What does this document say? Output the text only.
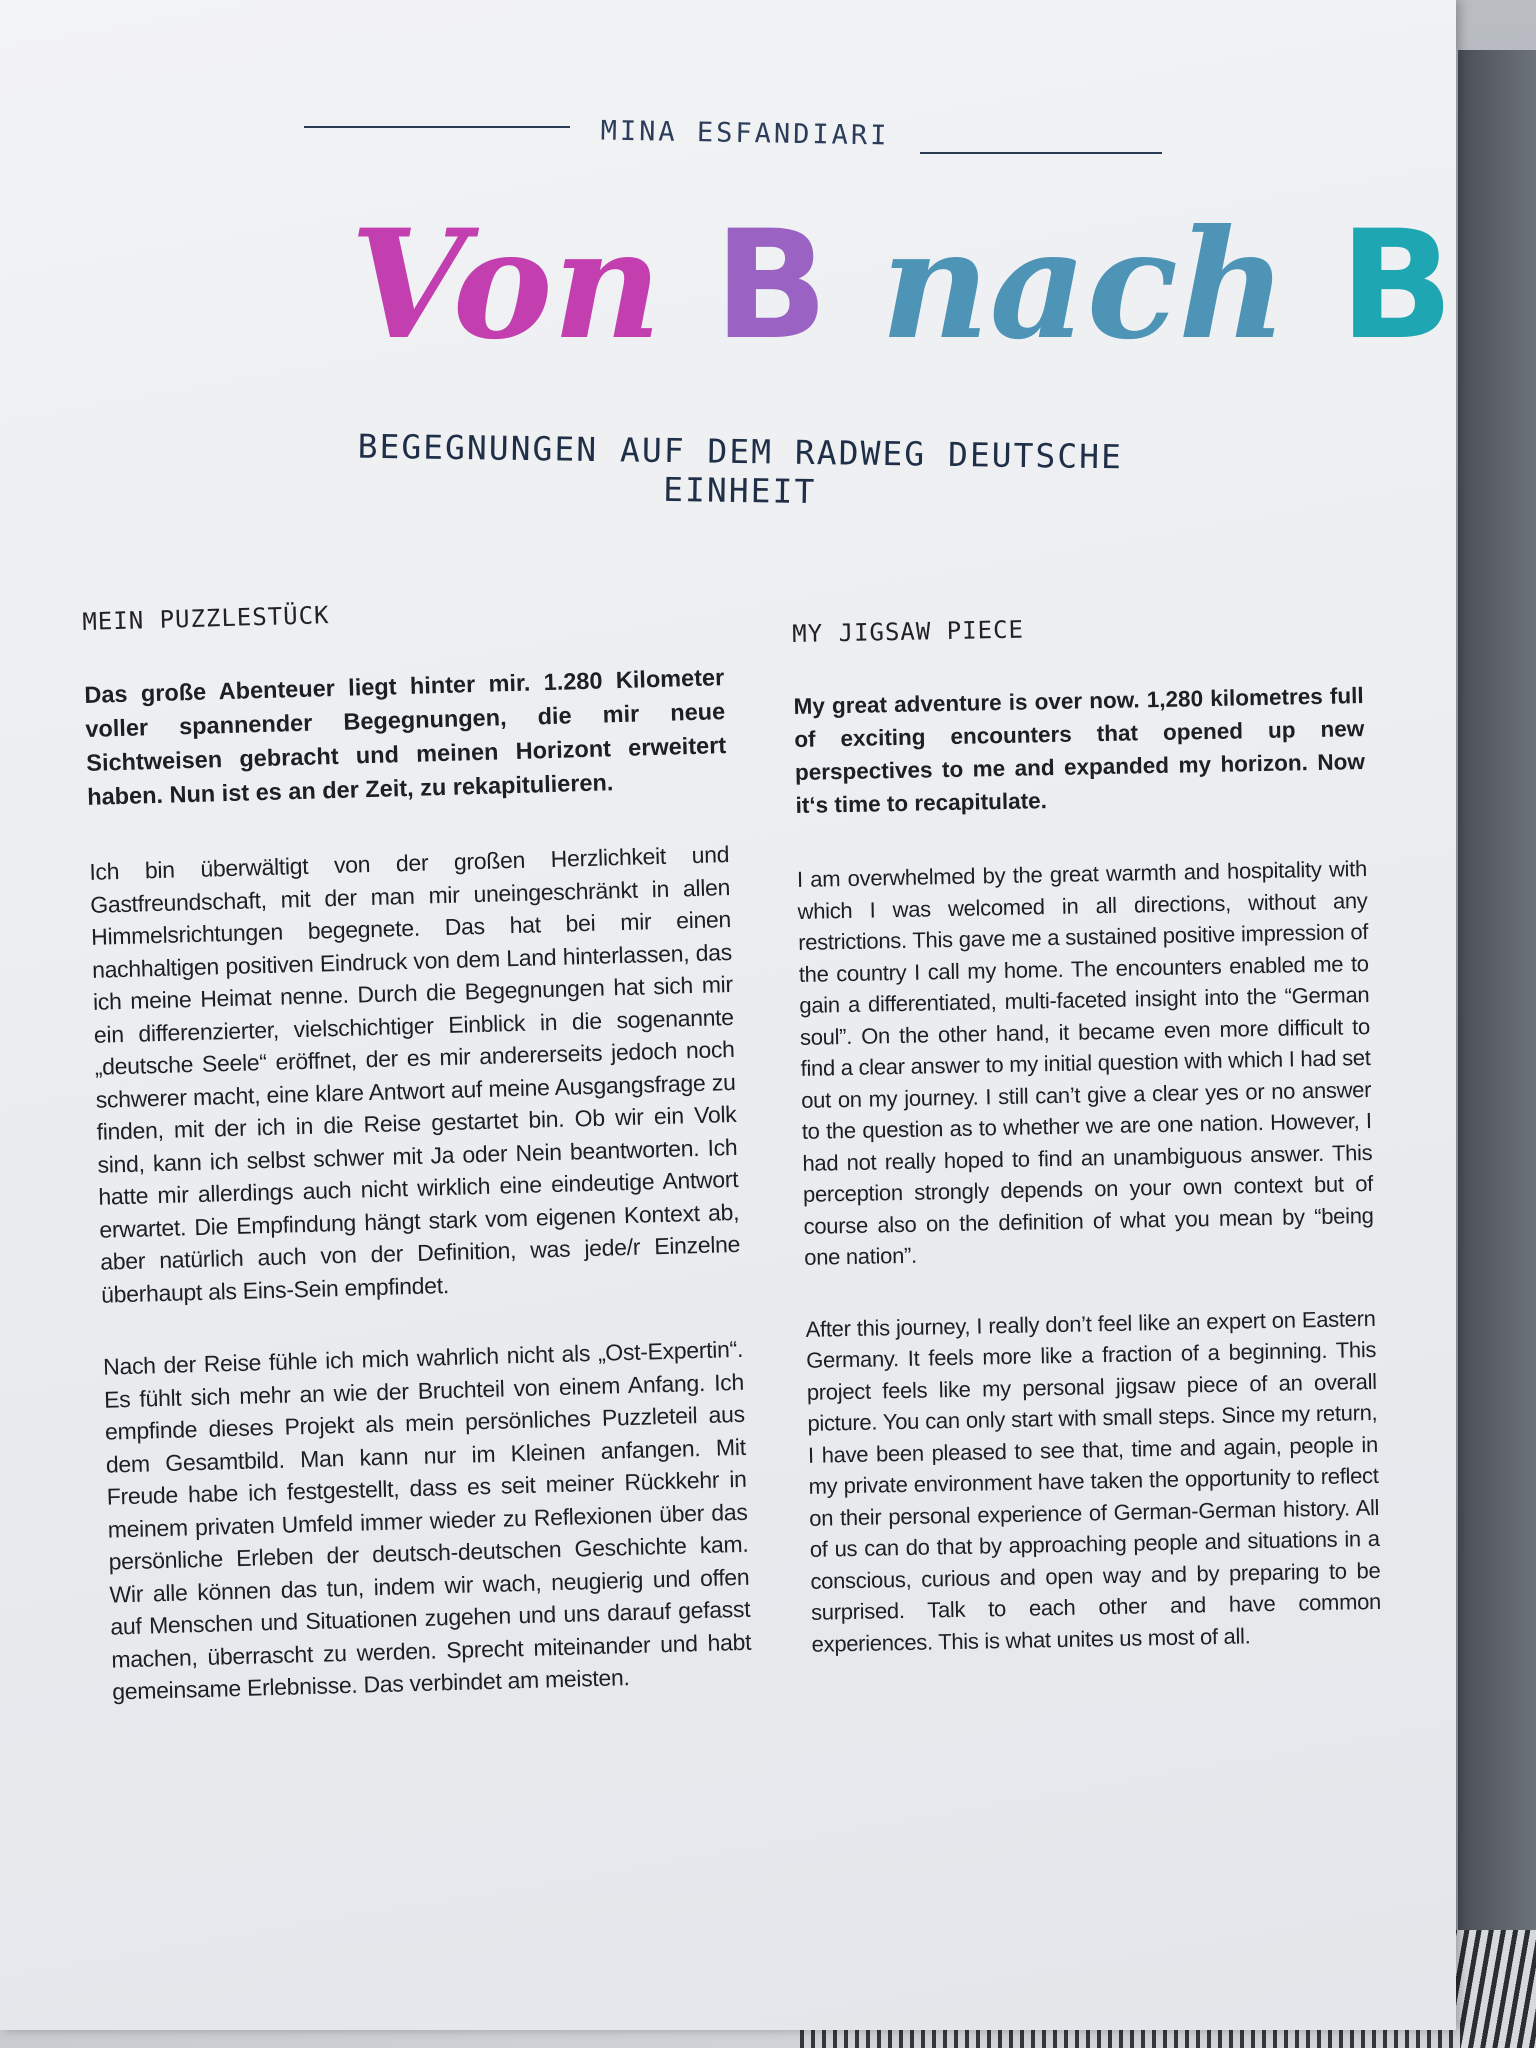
MINA ESFANDIARI
Von B nach B
BEGEGNUNGEN AUF DEM RADWEG DEUTSCHE EINHEIT
MEIN PUZZLESTÜCK

Das große Abenteuer liegt hinter mir. 1.280 Kilometer voller spannender Begegnungen, die mir neue Sichtweisen gebracht und meinen Horizont erweitert haben. Nun ist es an der Zeit, zu rekapitulieren.

Ich bin überwältigt von der großen Herzlichkeit und Gastfreundschaft, mit der man mir uneingeschränkt in allen Himmelsrichtungen begegnete. Das hat bei mir einen nachhaltigen positiven Eindruck von dem Land hinterlassen, das ich meine Heimat nenne. Durch die Begegnungen hat sich mir ein differenzierter, vielschichtiger Einblick in die sogenannte „deutsche Seele“ eröffnet, der es mir andererseits jedoch noch schwerer macht, eine klare Antwort auf meine Ausgangsfrage zu finden, mit der ich in die Reise gestartet bin. Ob wir ein Volk sind, kann ich selbst schwer mit Ja oder Nein beantworten. Ich hatte mir allerdings auch nicht wirklich eine eindeutige Antwort erwartet. Die Empfindung hängt stark vom eigenen Kontext ab, aber natürlich auch von der Definition, was jede/r Einzelne überhaupt als Eins-Sein empfindet.

Nach der Reise fühle ich mich wahrlich nicht als „Ost-Expertin“. Es fühlt sich mehr an wie der Bruchteil von einem Anfang. Ich empfinde dieses Projekt als mein persönliches Puzzleteil aus dem Gesamtbild. Man kann nur im Kleinen anfangen. Mit Freude habe ich festgestellt, dass es seit meiner Rückkehr in meinem privaten Umfeld immer wieder zu Reflexionen über das persönliche Erleben der deutsch-deutschen Geschichte kam. Wir alle können das tun, indem wir wach, neugierig und offen auf Menschen und Situationen zugehen und uns darauf gefasst machen, überrascht zu werden. Sprecht miteinander und habt gemeinsame Erlebnisse. Das verbindet am meisten.

MY JIGSAW PIECE

My great adventure is over now. 1,280 kilometres full of exciting encounters that opened up new perspectives to me and expanded my horizon. Now it‘s time to recapitulate.

I am overwhelmed by the great warmth and hospitality with which I was welcomed in all directions, without any restrictions. This gave me a sustained positive impression of the country I call my home. The encounters enabled me to gain a differentiated, multi-faceted insight into the “German soul”. On the other hand, it became even more difficult to find a clear answer to my initial question with which I had set out on my journey. I still can’t give a clear yes or no answer to the question as to whether we are one nation. However, I had not really hoped to find an unambiguous answer. This perception strongly depends on your own context but of course also on the definition of what you mean by “being one nation”.

After this journey, I really don’t feel like an expert on Eastern Germany. It feels more like a fraction of a beginning. This project feels like my personal jigsaw piece of an overall picture. You can only start with small steps. Since my return, I have been pleased to see that, time and again, people in my private environment have taken the opportunity to reflect on their personal experience of German-German history. All of us can do that by approaching people and situations in a conscious, curious and open way and by preparing to be surprised. Talk to each other and have common experiences. This is what unites us most of all.
